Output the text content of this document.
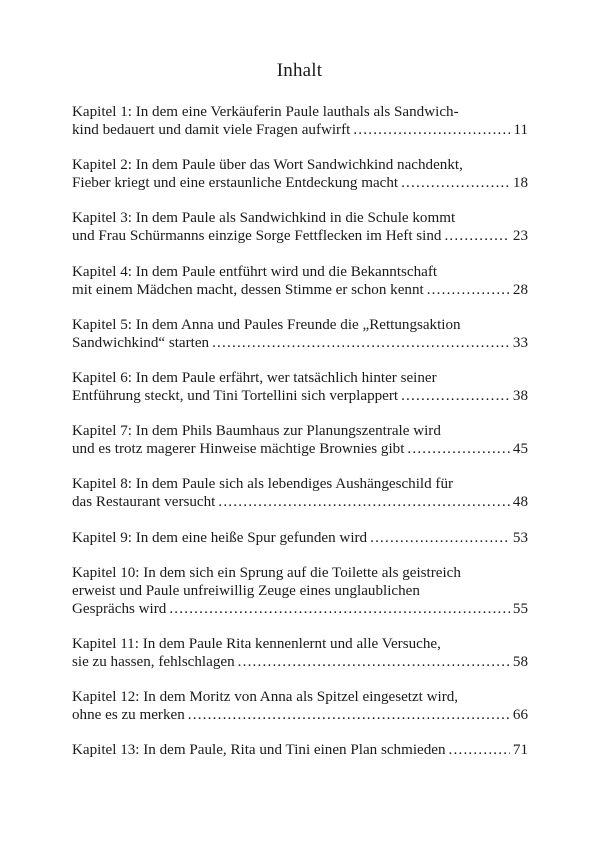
Inhalt
Kapitel 1: In dem eine Verkäuferin Paule lauthals als Sandwich-
kind bedauert und damit viele Fragen aufwirft .....	11
Kapitel 2: In dem Paule über das Wort Sandwichkind nachdenkt,
Fieber kriegt und eine erstaunliche Entdeckung macht .....	18
Kapitel 3: In dem Paule als Sandwichkind in die Schule kommt
und Frau Schürmanns einzige Sorge Fettflecken im Heft sind .....	23
Kapitel 4: In dem Paule entführt wird und die Bekanntschaft
mit einem Mädchen macht, dessen Stimme er schon kennt .....	28
Kapitel 5: In dem Anna und Paules Freunde die „Rettungsaktion
Sandwichkind“ starten .....	33
Kapitel 6: In dem Paule erfährt, wer tatsächlich hinter seiner
Entführung steckt, und Tini Tortellini sich verplappert .....	38
Kapitel 7: In dem Phils Baumhaus zur Planungszentrale wird
und es trotz magerer Hinweise mächtige Brownies gibt .....	45
Kapitel 8: In dem Paule sich als lebendiges Aushängeschild für
das Restaurant versucht .....	48
Kapitel 9: In dem eine heiße Spur gefunden wird .....	53
Kapitel 10: In dem sich ein Sprung auf die Toilette als geistreich
erweist und Paule unfreiwillig Zeuge eines unglaublichen
Gesprächs wird .....	55
Kapitel 11: In dem Paule Rita kennenlernt und alle Versuche,
sie zu hassen, fehlschlagen .....	58
Kapitel 12: In dem Moritz von Anna als Spitzel eingesetzt wird,
ohne es zu merken .....	66
Kapitel 13: In dem Paule, Rita und Tini einen Plan schmieden .....	71
